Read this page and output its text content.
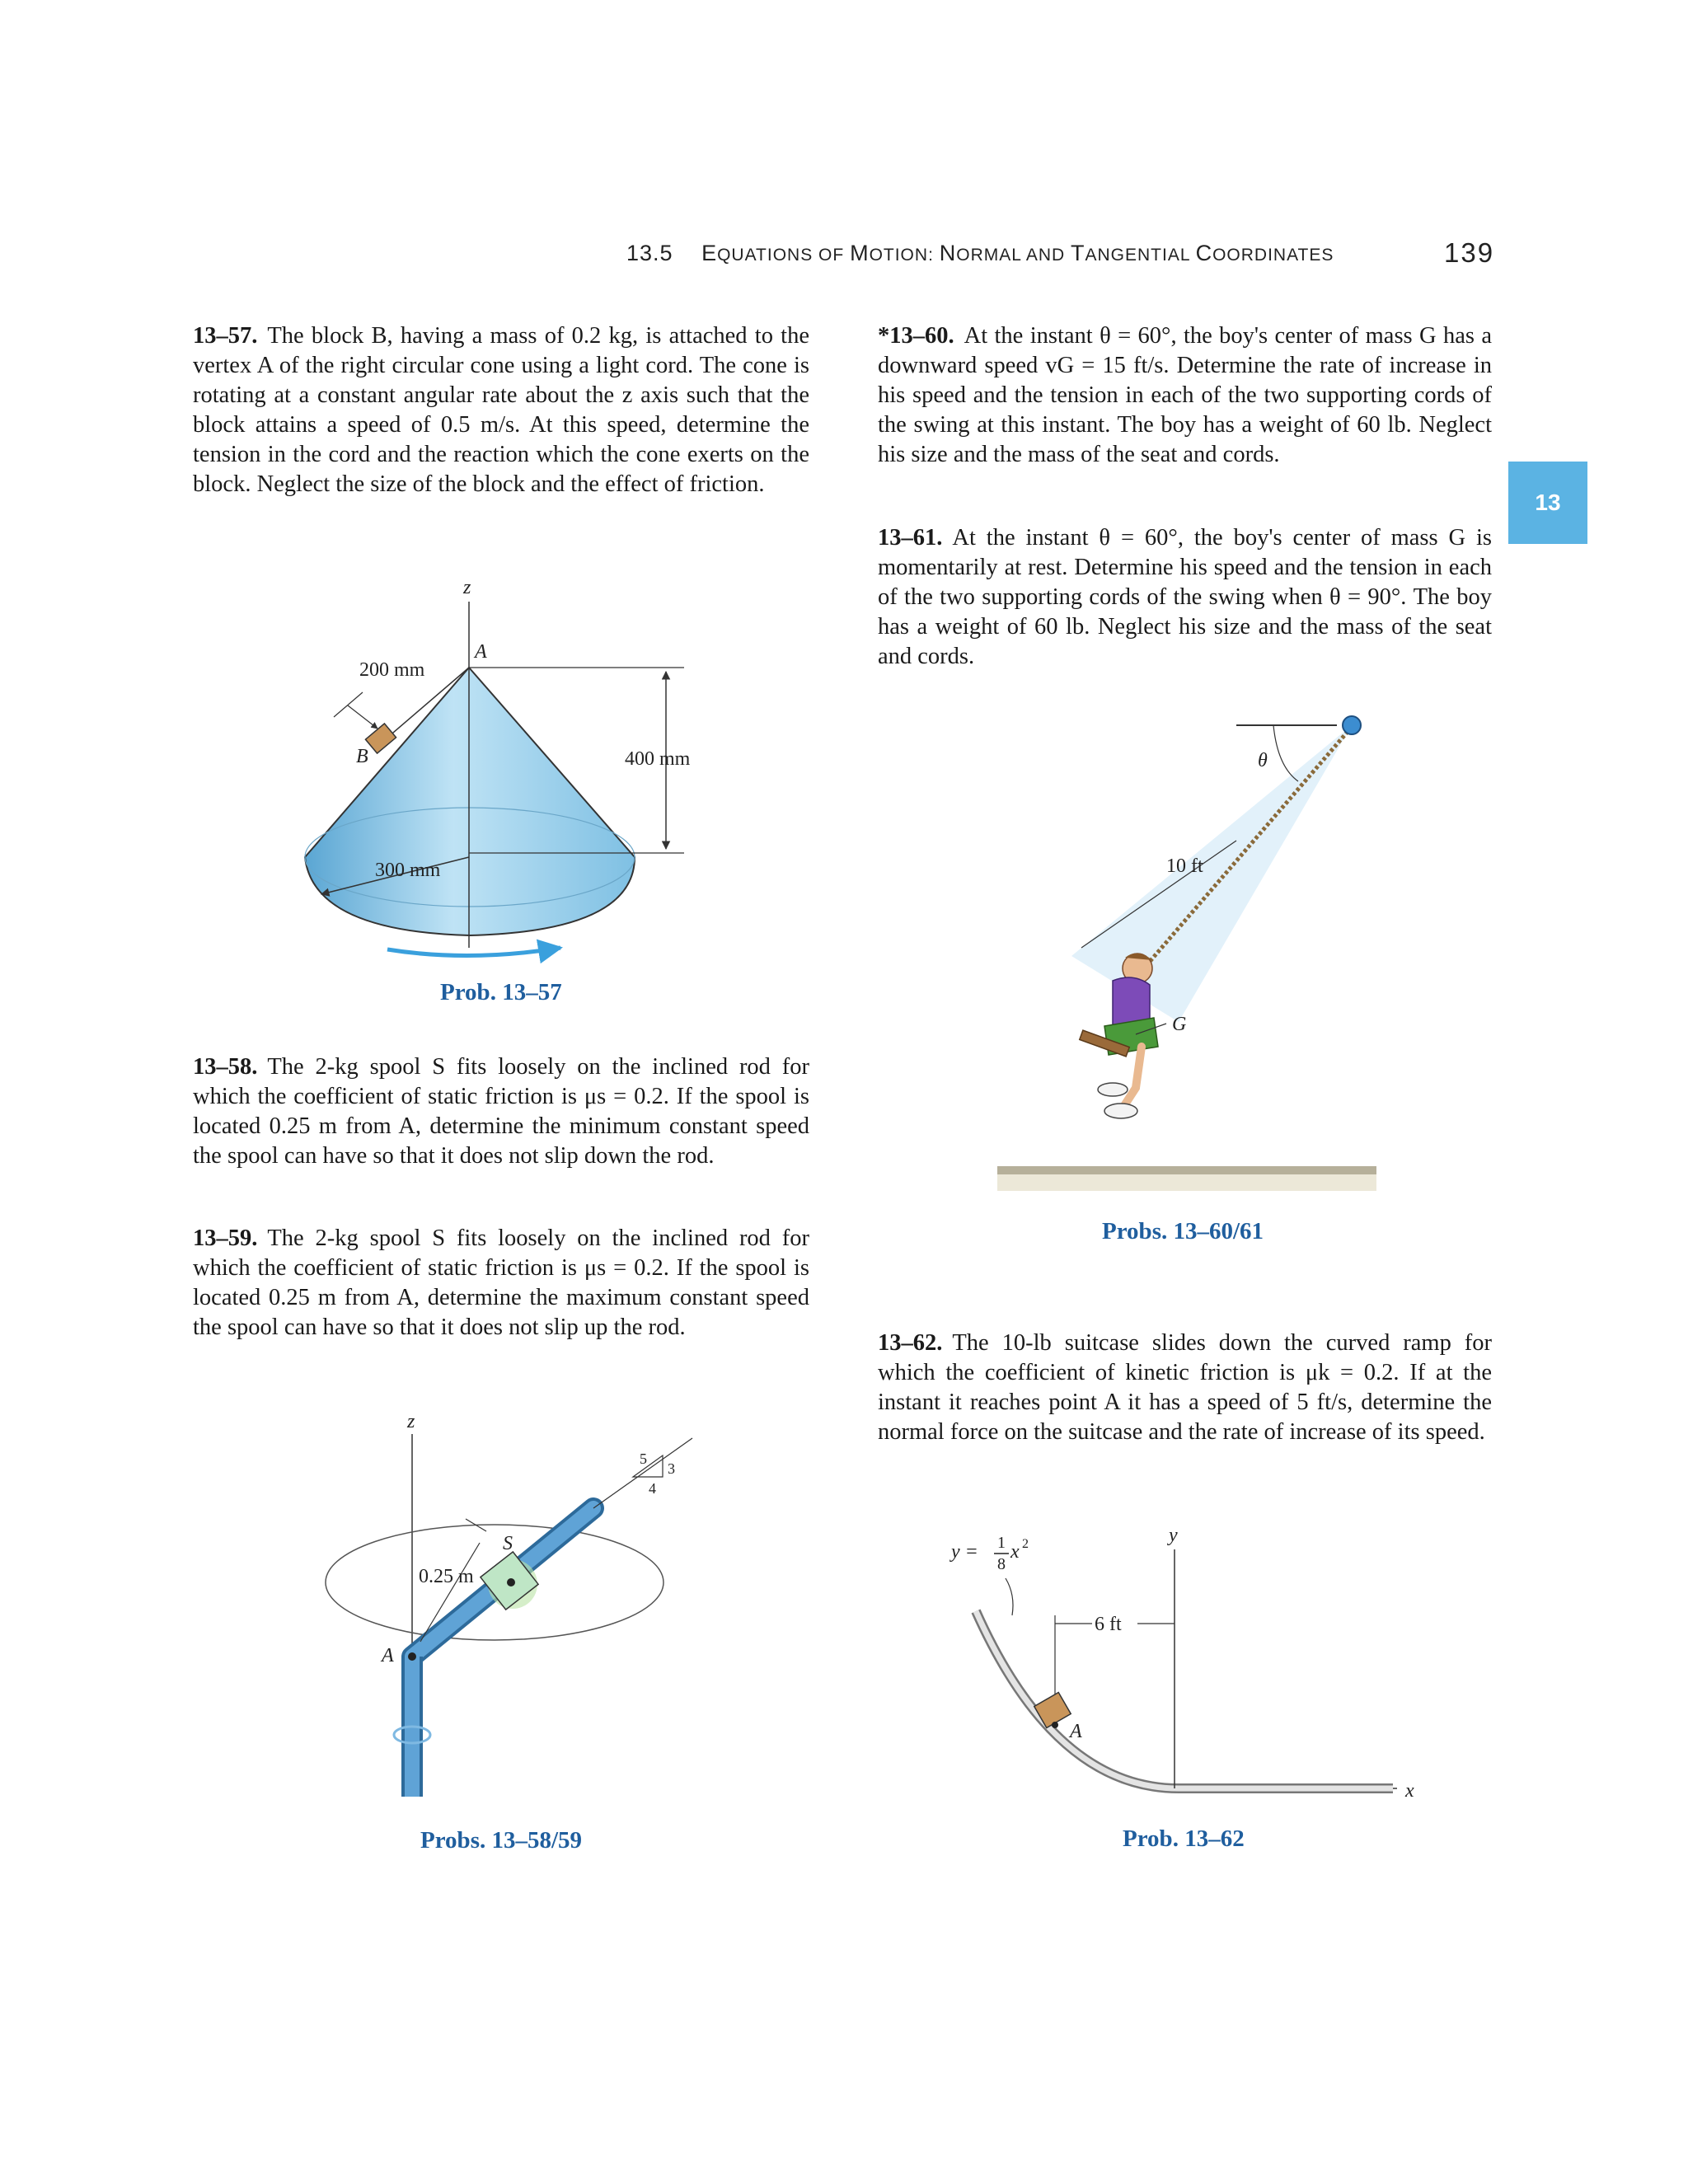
13.5 EQUATIONS OF MOTION: NORMAL AND TANGENTIAL COORDINATES	139
13
13–57. The block B, having a mass of 0.2 kg, is attached to the vertex A of the right circular cone using a light cord. The cone is rotating at a constant angular rate about the z axis such that the block attains a speed of 0.5 m/s. At this speed, determine the tension in the cord and the reaction which the cone exerts on the block. Neglect the size of the block and the effect of friction.
z
A
B
200 mm
400 mm
300 mm
Prob. 13–57
13–58. The 2-kg spool S fits loosely on the inclined rod for which the coefficient of static friction is μs = 0.2. If the spool is located 0.25 m from A, determine the minimum constant speed the spool can have so that it does not slip down the rod.
13–59. The 2-kg spool S fits loosely on the inclined rod for which the coefficient of static friction is μs = 0.2. If the spool is located 0.25 m from A, determine the maximum constant speed the spool can have so that it does not slip up the rod.
z
S
A
0.25 m
5
3
4
Probs. 13–58/59
*13–60. At the instant θ = 60°, the boy's center of mass G has a downward speed vG = 15 ft/s. Determine the rate of increase in his speed and the tension in each of the two supporting cords of the swing at this instant. The boy has a weight of 60 lb. Neglect his size and the mass of the seat and cords.
13–61. At the instant θ = 60°, the boy's center of mass G is momentarily at rest. Determine his speed and the tension in each of the two supporting cords of the swing when θ = 90°. The boy has a weight of 60 lb. Neglect his size and the mass of the seat and cords.
θ
10 ft
G
Probs. 13–60/61
13–62. The 10-lb suitcase slides down the curved ramp for which the coefficient of kinetic friction is μk = 0.2. If at the instant it reaches point A it has a speed of 5 ft/s, determine the normal force on the suitcase and the rate of increase of its speed.
y = 1
8
x 2	y
x
A
6 ft
Prob. 13–62
